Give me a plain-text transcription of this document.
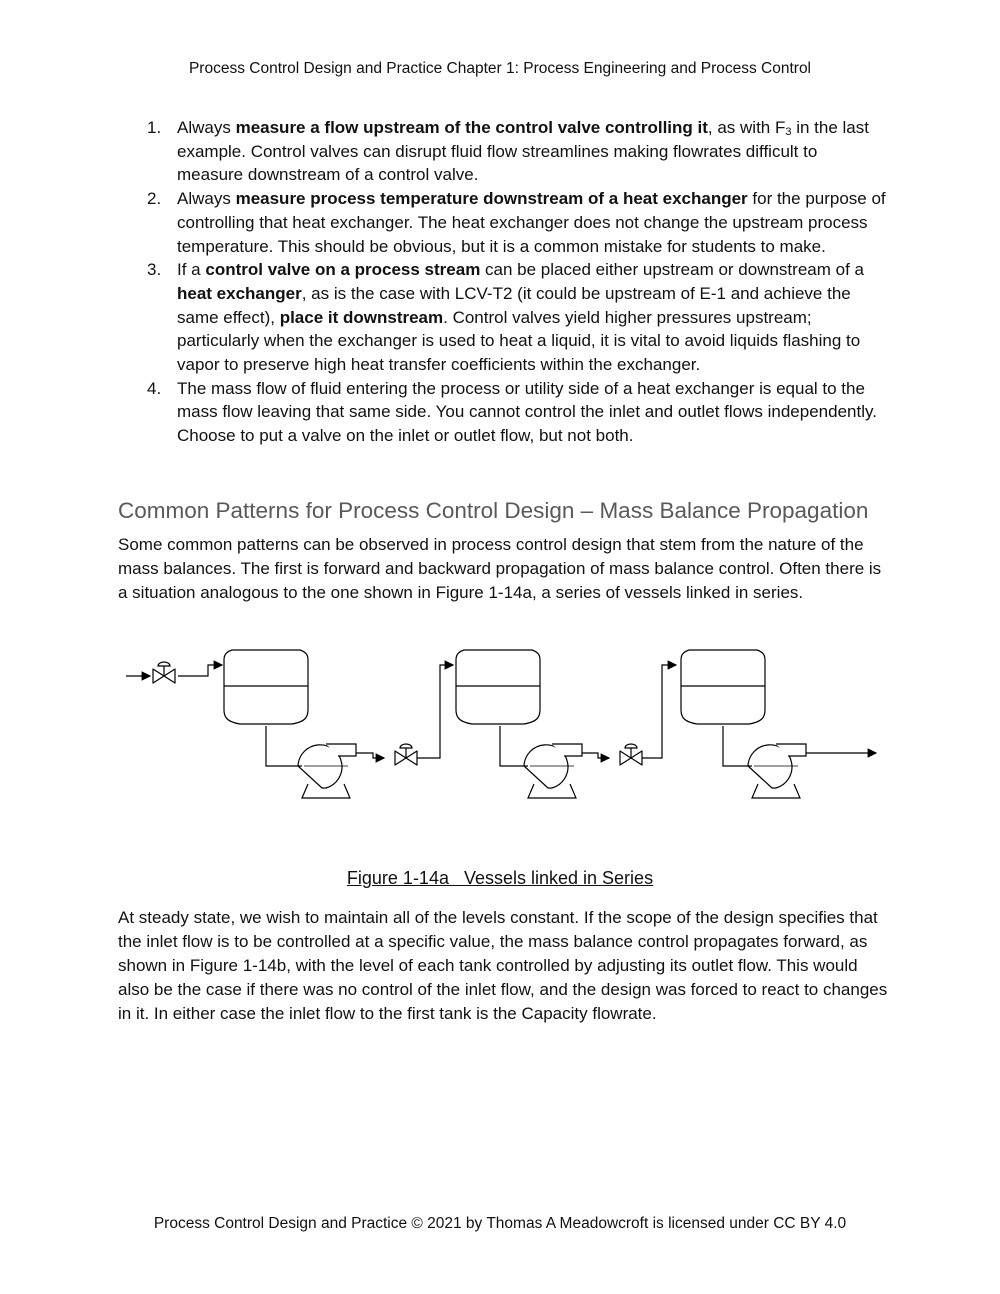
Process Control Design and Practice Chapter 1: Process Engineering and Process Control
1. Always measure a flow upstream of the control valve controlling it, as with $F_3$ in the last example. Control valves can disrupt fluid flow streamlines making flowrates difficult to measure downstream of a control valve.
2. Always measure process temperature downstream of a heat exchanger for the purpose of controlling that heat exchanger. The heat exchanger does not change the upstream process temperature. This should be obvious, but it is a common mistake for students to make.
3. If a control valve on a process stream can be placed either upstream or downstream of a heat exchanger, as is the case with LCV-T2 (it could be upstream of E-1 and achieve the same effect), place it downstream. Control valves yield higher pressures upstream; particularly when the exchanger is used to heat a liquid, it is vital to avoid liquids flashing to vapor to preserve high heat transfer coefficients within the exchanger.
4. The mass flow of fluid entering the process or utility side of a heat exchanger is equal to the mass flow leaving that same side. You cannot control the inlet and outlet flows independently. Choose to put a valve on the inlet or outlet flow, but not both.
Common Patterns for Process Control Design – Mass Balance Propagation

Some common patterns can be observed in process control design that stem from the nature of the mass balances. The first is forward and backward propagation of mass balance control. Often there is a situation analogous to the one shown in Figure 1-14a, a series of vessels linked in series.

Figure 1-14a   Vessels linked in Series

At steady state, we wish to maintain all of the levels constant. If the scope of the design specifies that the inlet flow is to be controlled at a specific value, the mass balance control propagates forward, as shown in Figure 1-14b, with the level of each tank controlled by adjusting its outlet flow. This would also be the case if there was no control of the inlet flow, and the design was forced to react to changes in it. In either case the inlet flow to the first tank is the Capacity flowrate.

Process Control Design and Practice © 2021 by Thomas A Meadowcroft is licensed under CC BY 4.0
